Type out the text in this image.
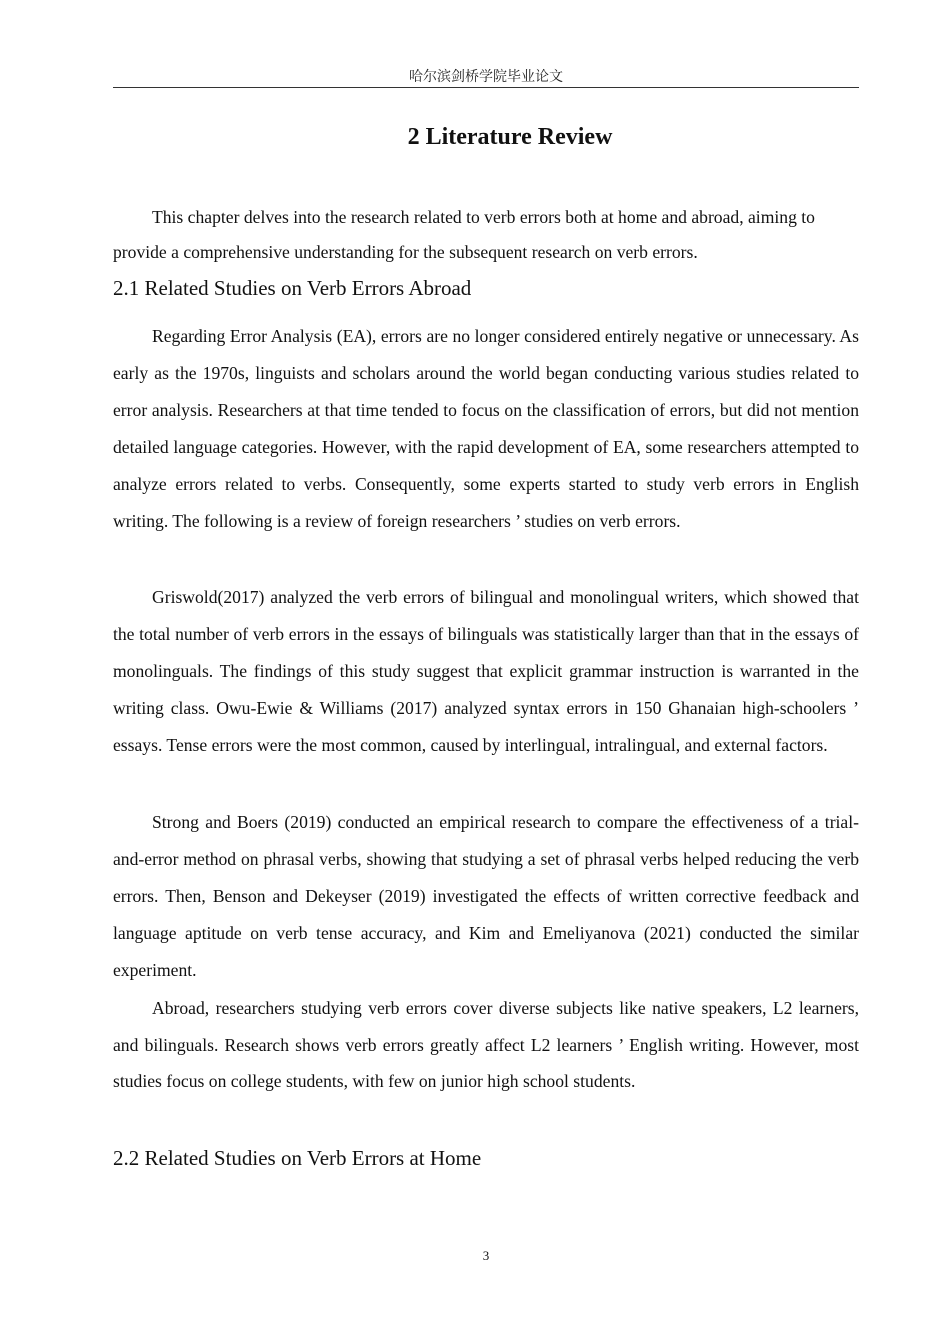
哈尔滨剑桥学院毕业论文
2 Literature Review

This chapter delves into the research related to verb errors both at home and abroad, aiming to provide a comprehensive understanding for the subsequent research on verb errors.

2.1 Related Studies on Verb Errors Abroad

Regarding Error Analysis (EA), errors are no longer considered entirely negative or unnecessary. As early as the 1970s, linguists and scholars around the world began conducting various studies related to error analysis. Researchers at that time tended to focus on the classification of errors, but did not mention detailed language categories. However, with the rapid development of EA, some researchers attempted to analyze errors related to verbs. Consequently, some experts started to study verb errors in English writing. The following is a review of foreign researchers ’ studies on verb errors.

Griswold(2017) analyzed the verb errors of bilingual and monolingual writers, which showed that the total number of verb errors in the essays of bilinguals was statistically larger than that in the essays of monolinguals. The findings of this study suggest that explicit grammar instruction is warranted in the writing class. Owu-Ewie & Williams (2017) analyzed syntax errors in 150 Ghanaian high-schoolers ’ essays. Tense errors were the most common, caused by interlingual, intralingual, and external factors.

Strong and Boers (2019) conducted an empirical research to compare the effectiveness of a trial-and-error method on phrasal verbs, showing that studying a set of phrasal verbs helped reducing the verb errors. Then, Benson and Dekeyser (2019) investigated the effects of written corrective feedback and language aptitude on verb tense accuracy, and Kim and Emeliyanova (2021) conducted the similar experiment.

Abroad, researchers studying verb errors cover diverse subjects like native speakers, L2 learners, and bilinguals. Research shows verb errors greatly affect L2 learners ’ English writing. However, most studies focus on college students, with few on junior high school students.

2.2 Related Studies on Verb Errors at Home
3
